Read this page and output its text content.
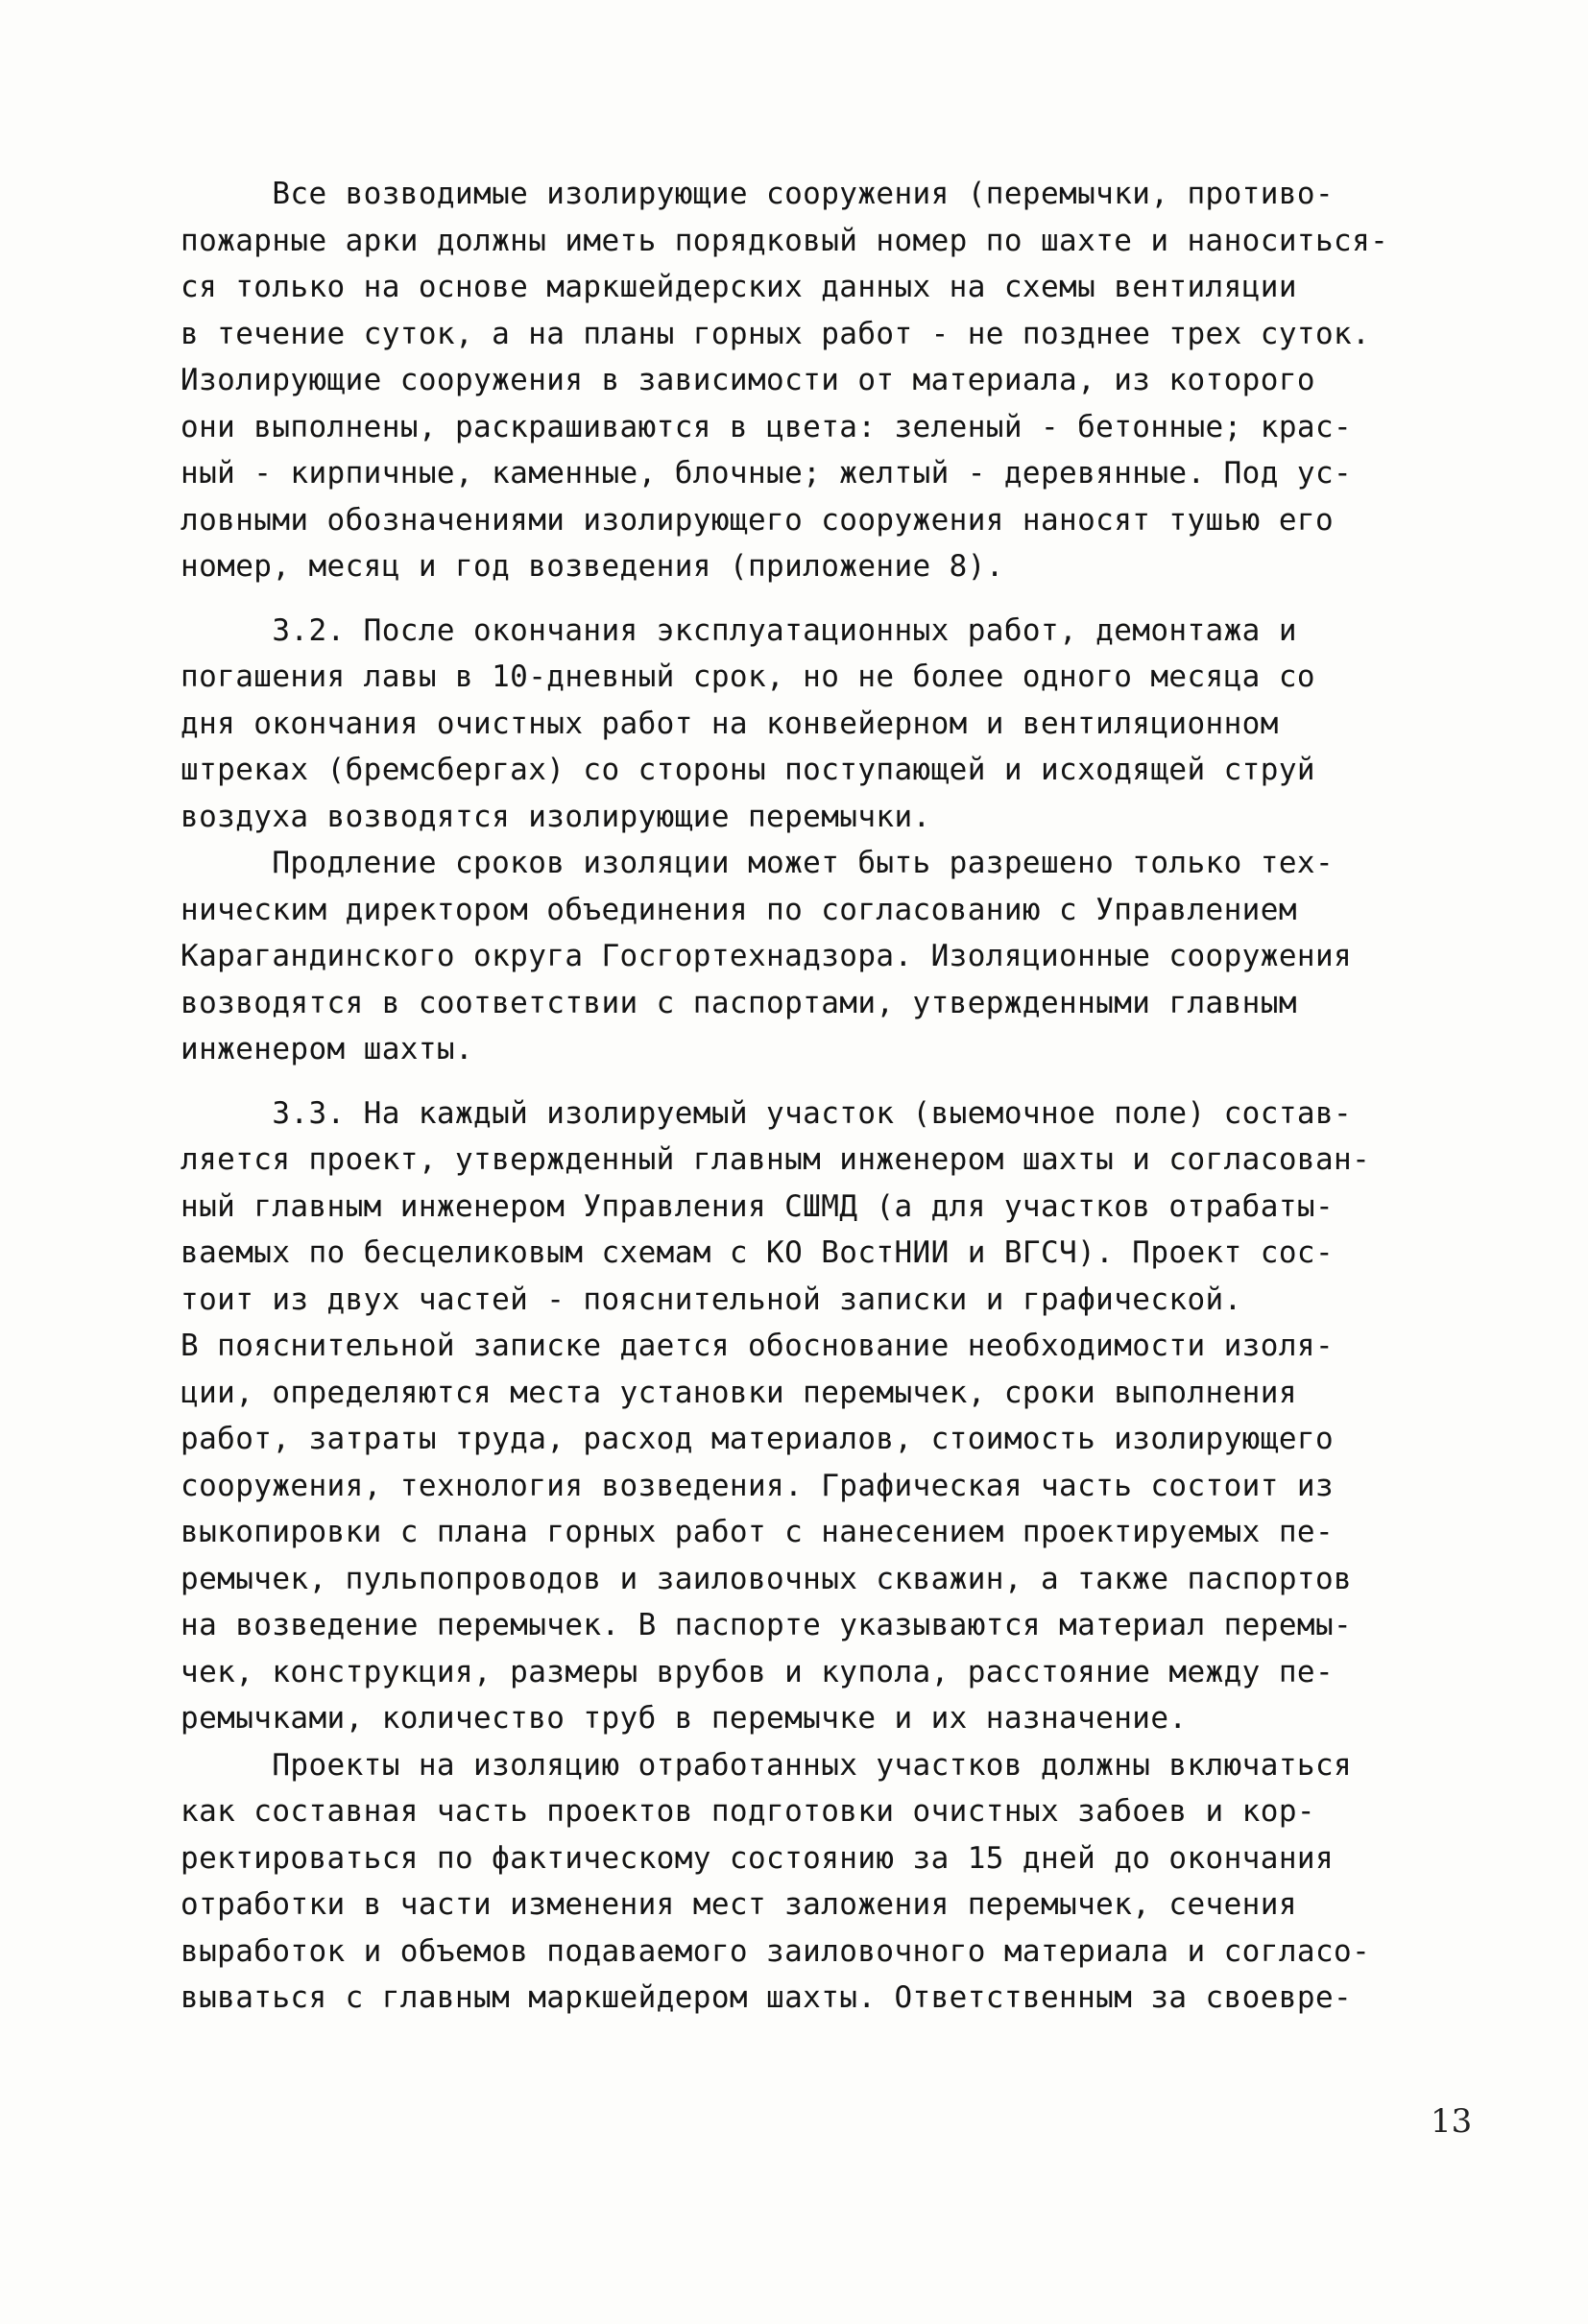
Все возводимые изолирующие сооружения (перемычки, противо-
пожарные арки должны иметь порядковый номер по шахте и наноситься-
ся только на основе маркшейдерских данных на схемы вентиляции
в течение суток, а на планы горных работ - не позднее трех суток.
Изолирующие сооружения в зависимости от материала, из которого
они выполнены, раскрашиваются в цвета: зеленый - бетонные; крас-
ный - кирпичные, каменные, блочные; желтый - деревянные. Под ус-
ловными обозначениями изолирующего сооружения наносят тушью его
номер, месяц и год возведения (приложение 8).
3.2. После окончания эксплуатационных работ, демонтажа и
погашения лавы в 10-дневный срок, но не более одного месяца со
дня окончания очистных работ на конвейерном и вентиляционном
штреках (бремсбергах) со стороны поступающей и исходящей струй
воздуха возводятся изолирующие перемычки.
Продление сроков изоляции может быть разрешено только тех-
ническим директором объединения по согласованию с Управлением
Карагандинского округа Госгортехнадзора. Изоляционные сооружения
возводятся в соответствии с паспортами, утвержденными главным
инженером шахты.
3.3. На каждый изолируемый участок (выемочное поле) состав-
ляется проект, утвержденный главным инженером шахты и согласован-
ный главным инженером Управления СШМД (а для участков отрабаты-
ваемых по бесцеликовым схемам с КО ВостНИИ и ВГСЧ). Проект сос-
тоит из двух частей - пояснительной записки и графической.
В пояснительной записке дается обоснование необходимости изоля-
ции, определяются места установки перемычек, сроки выполнения
работ, затраты труда, расход материалов, стоимость изолирующего
сооружения, технология возведения. Графическая часть состоит из
выкопировки с плана горных работ с нанесением проектируемых пе-
ремычек, пульпопроводов и заиловочных скважин, а также паспортов
на возведение перемычек. В паспорте указываются материал перемы-
чек, конструкция, размеры врубов и купола, расстояние между пе-
ремычками, количество труб в перемычке и их назначение.
Проекты на изоляцию отработанных участков должны включаться
как составная часть проектов подготовки очистных забоев и кор-
ректироваться по фактическому состоянию за 15 дней до окончания
отработки в части изменения мест заложения перемычек, сечения
выработок и объемов подаваемого заиловочного материала и согласо-
вываться с главным маркшейдером шахты. Ответственным за своевре-
13
